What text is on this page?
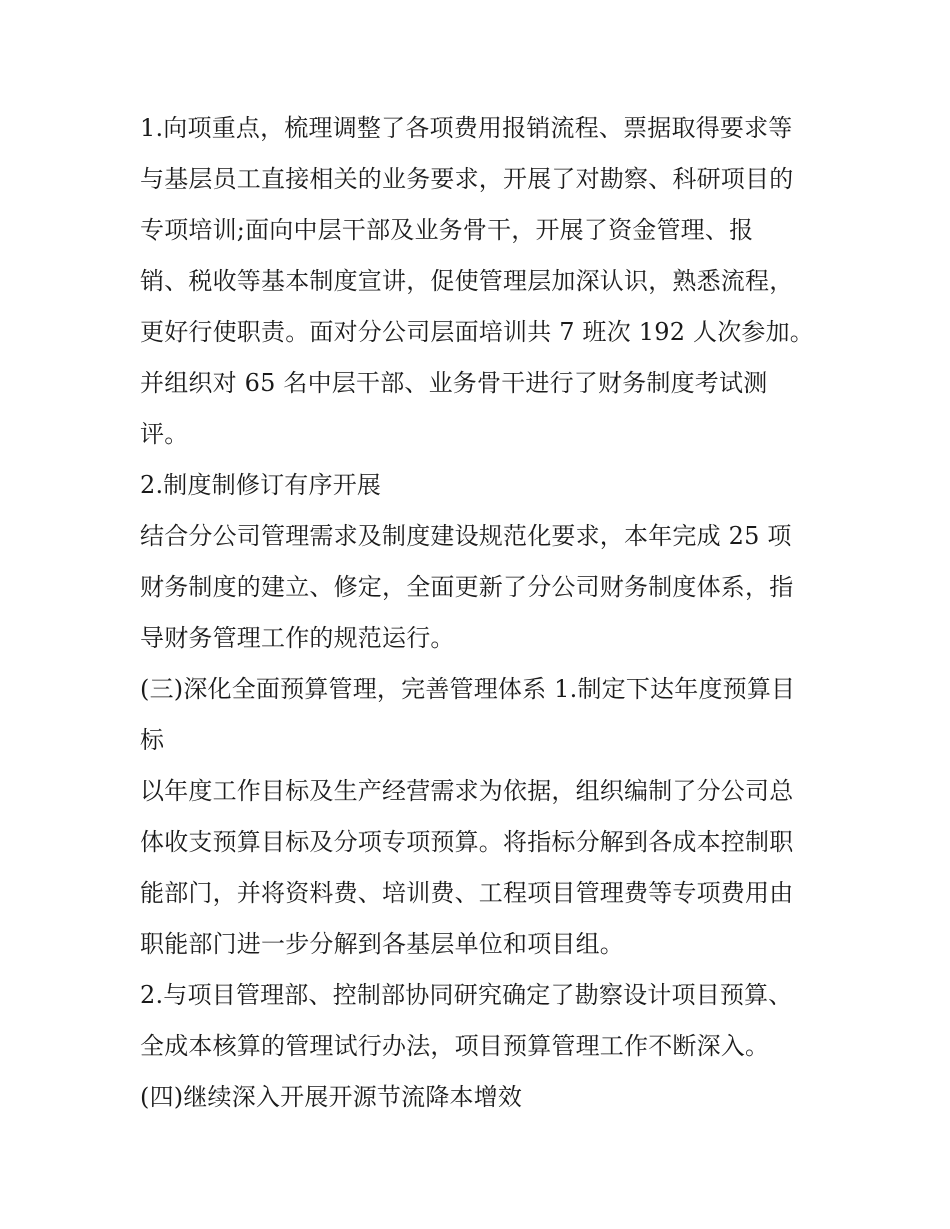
1.向项重点，梳理调整了各项费用报销流程、票据取得要求等
与基层员工直接相关的业务要求，开展了对勘察、科研项目的
专项培训;面向中层干部及业务骨干，开展了资金管理、报
销、税收等基本制度宣讲，促使管理层加深认识，熟悉流程，
更好行使职责。面对分公司层面培训共 7 班次 192 人次参加。
并组织对 65 名中层干部、业务骨干进行了财务制度考试测
评。
2.制度制修订有序开展
结合分公司管理需求及制度建设规范化要求，本年完成 25 项
财务制度的建立、修定，全面更新了分公司财务制度体系，指
导财务管理工作的规范运行。
(三)深化全面预算管理，完善管理体系 1.制定下达年度预算目
标
以年度工作目标及生产经营需求为依据，组织编制了分公司总
体收支预算目标及分项专项预算。将指标分解到各成本控制职
能部门，并将资料费、培训费、工程项目管理费等专项费用由
职能部门进一步分解到各基层单位和项目组。
2.与项目管理部、控制部协同研究确定了勘察设计项目预算、
全成本核算的管理试行办法，项目预算管理工作不断深入。
(四)继续深入开展开源节流降本增效
